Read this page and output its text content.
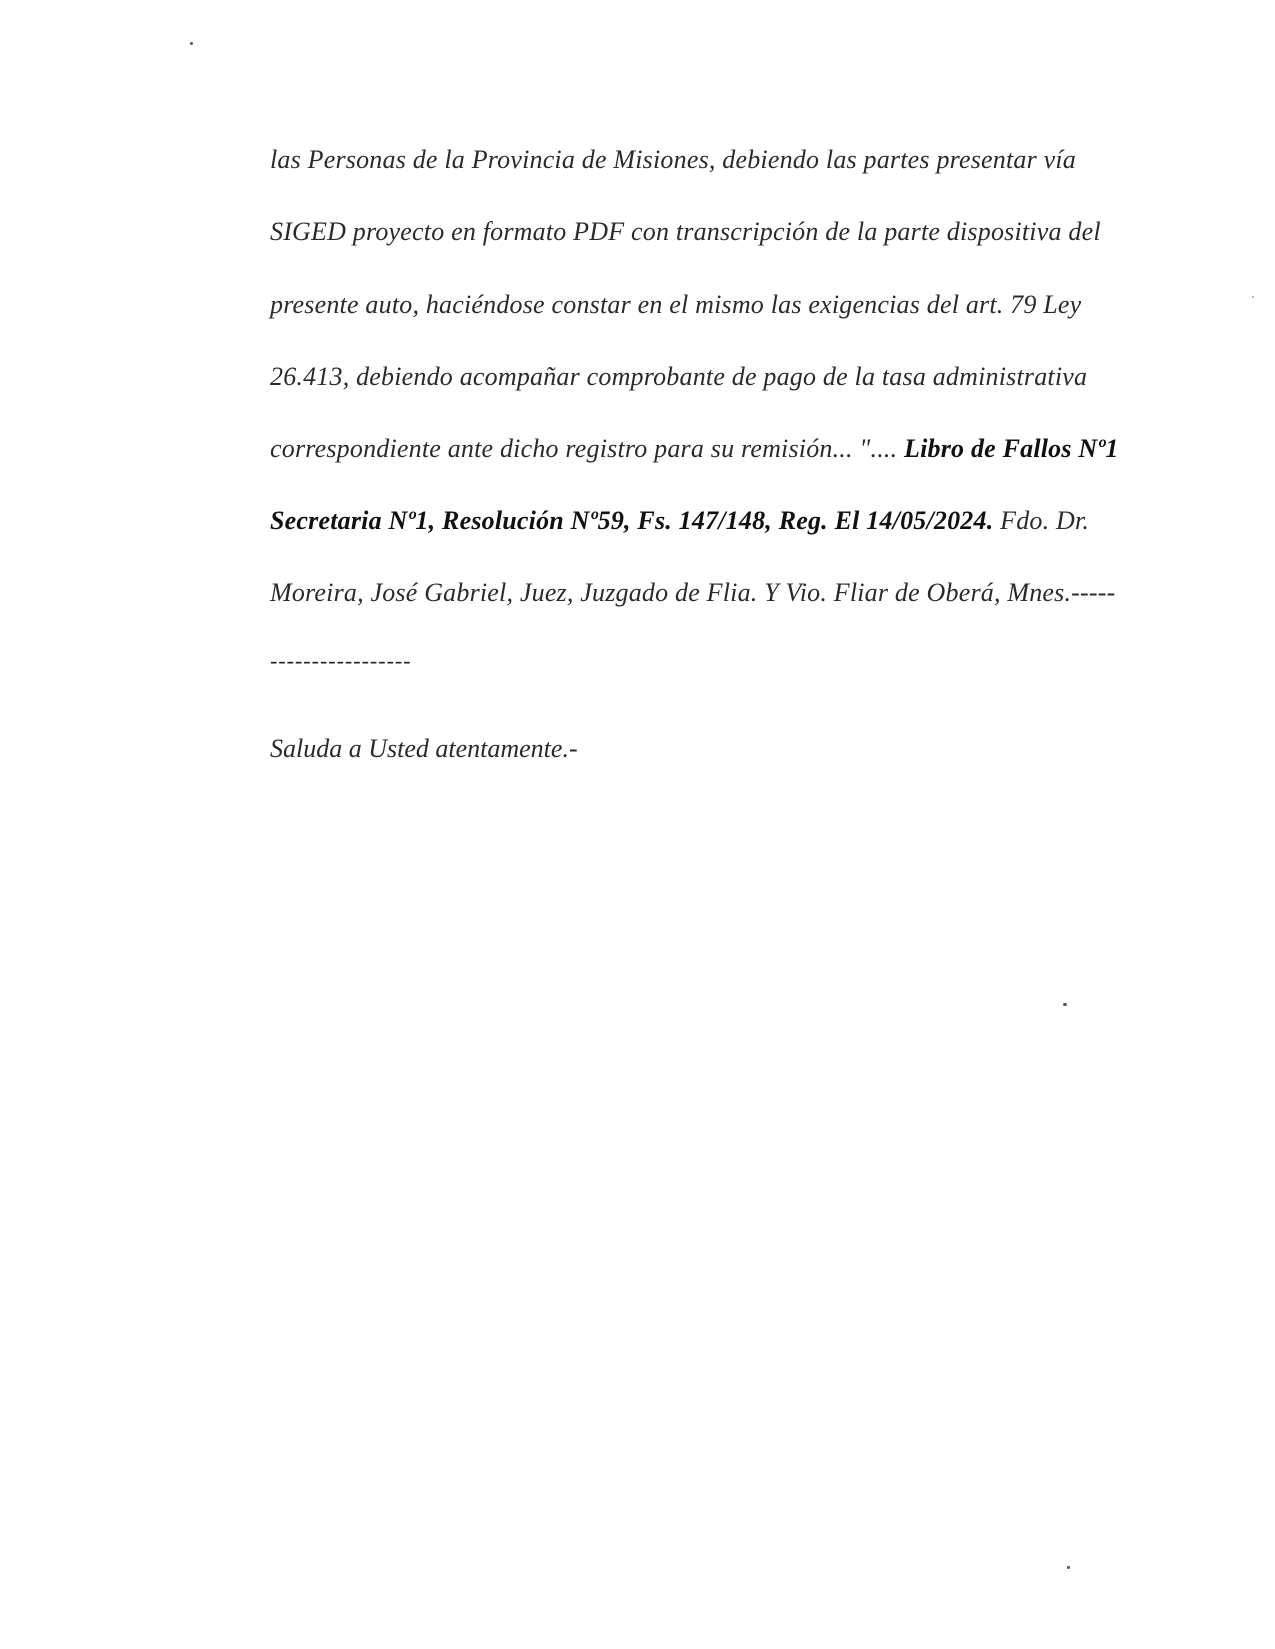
las Personas de la Provincia de Misiones, debiendo las partes presentar vía
SIGED proyecto en formato PDF con transcripción de la parte dispositiva del
presente auto, haciéndose constar en el mismo las exigencias del art. 79 Ley
26.413, debiendo acompañar comprobante de pago de la tasa administrativa
correspondiente ante dicho registro para su remisión... ".... Libro de Fallos Nº1
Secretaria Nº1, Resolución Nº59, Fs. 147/148, Reg. El 14/05/2024. Fdo. Dr.
Moreira, José Gabriel, Juez, Juzgado de Flia. Y Vio. Fliar de Oberá, Mnes.-----
-----------------
Saluda a Usted atentamente.-
